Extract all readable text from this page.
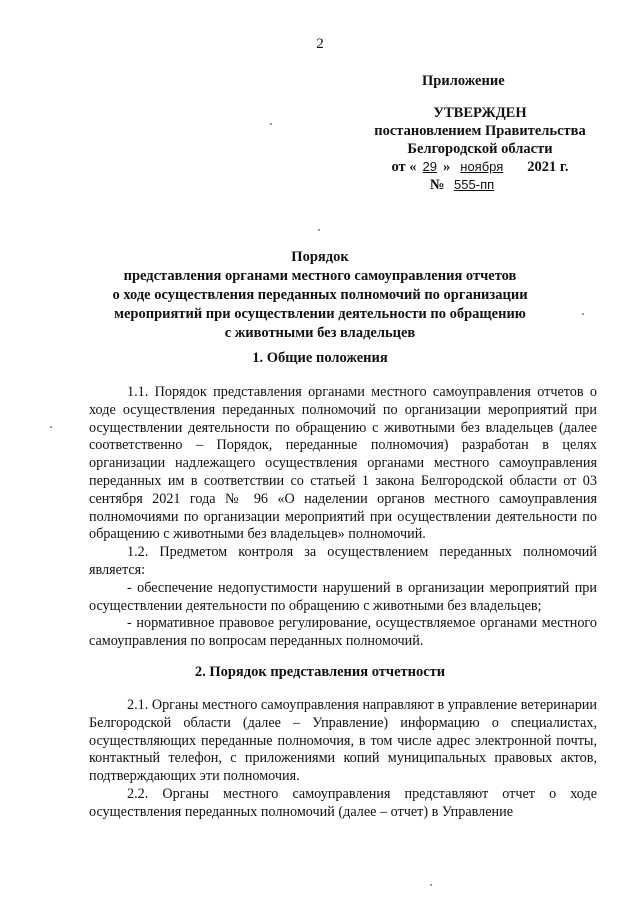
2
Приложение
УТВЕРЖДЕН
постановлением Правительства
Белгородской области
от « 29 » ноября 2021 г.
№ 555-пп
Порядок
представления органами местного самоуправления отчетов
о ходе осуществления переданных полномочий по организации
мероприятий при осуществлении деятельности по обращению
с животными без владельцев
1. Общие положения

1.1. Порядок представления органами местного самоуправления отчетов о ходе осуществления переданных полномочий по организации мероприятий при осуществлении деятельности по обращению с животными без владельцев (далее соответственно – Порядок, переданные полномочия) разработан в целях организации надлежащего осуществления органами местного самоуправления переданных им в соответствии со статьей 1 закона Белгородской области от 03 сентября 2021 года № 96 «О наделении органов местного самоуправления полномочиями по организации мероприятий при осуществлении деятельности по обращению с животными без владельцев» полномочий.

1.2. Предметом контроля за осуществлением переданных полномочий является:

- обеспечение недопустимости нарушений в организации мероприятий при осуществлении деятельности по обращению с животными без владельцев;

- нормативное правовое регулирование, осуществляемое органами местного самоуправления по вопросам переданных полномочий.

2. Порядок представления отчетности

2.1. Органы местного самоуправления направляют в управление ветеринарии Белгородской области (далее – Управление) информацию о специалистах, осуществляющих переданные полномочия, в том числе адрес электронной почты, контактный телефон, с приложениями копий муниципальных правовых актов, подтверждающих эти полномочия.

2.2. Органы местного самоуправления представляют отчет о ходе осуществления переданных полномочий (далее – отчет) в Управление
